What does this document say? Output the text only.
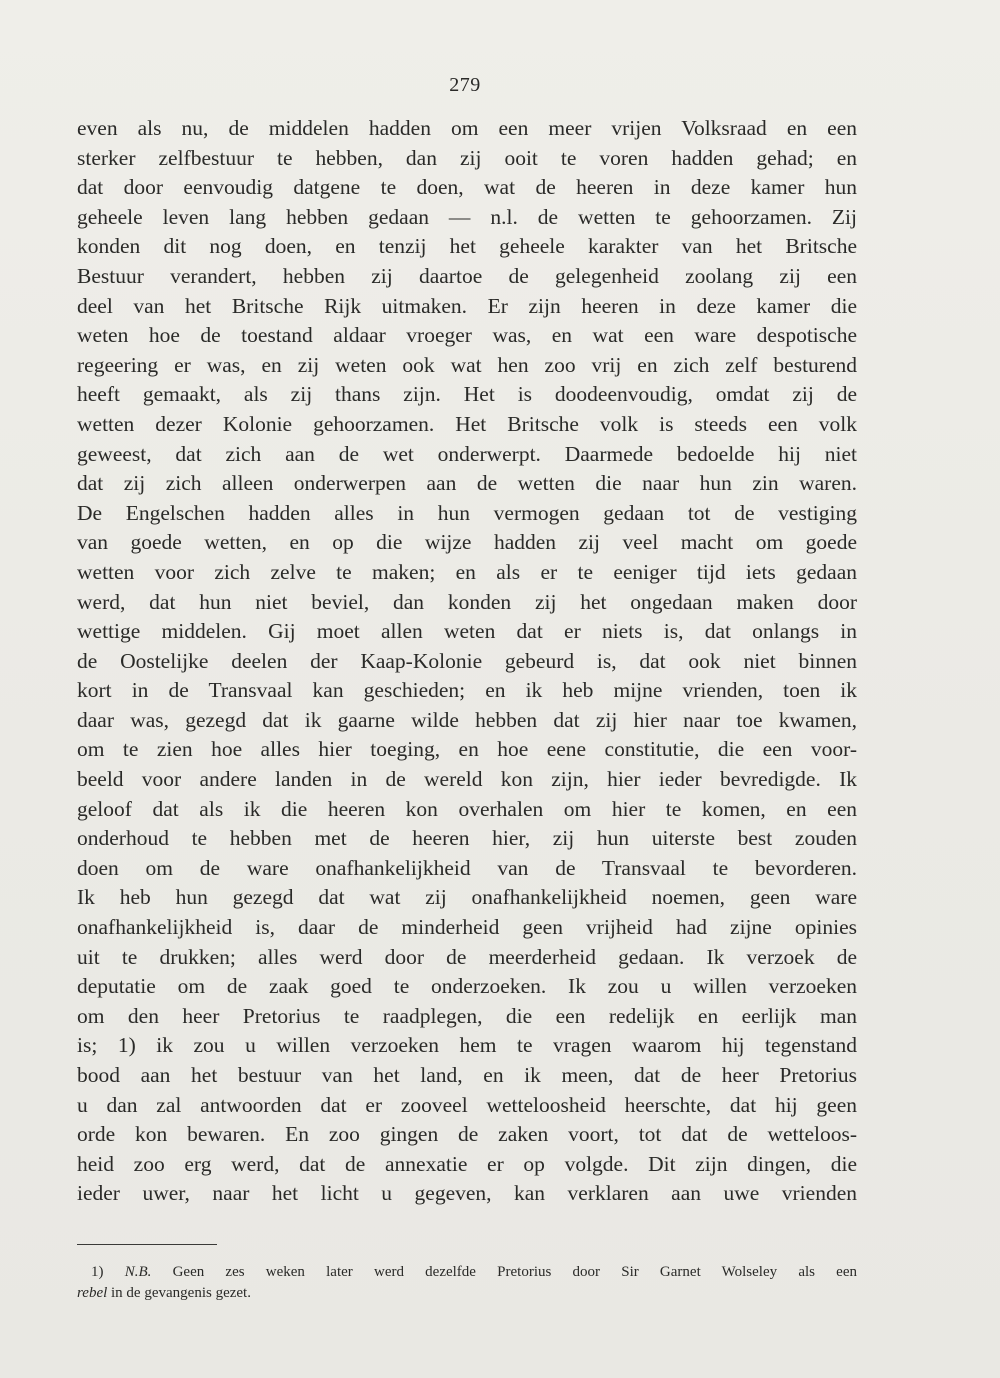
279
even als nu, de middelen hadden om een meer vrijen Volksraad en een
sterker zelfbestuur te hebben, dan zij ooit te voren hadden gehad; en
dat door eenvoudig datgene te doen, wat de heeren in deze kamer hun
geheele leven lang hebben gedaan — n.l. de wetten te gehoorzamen. Zij
konden dit nog doen, en tenzij het geheele karakter van het Britsche
Bestuur verandert, hebben zij daartoe de gelegenheid zoolang zij een
deel van het Britsche Rijk uitmaken. Er zijn heeren in deze kamer die
weten hoe de toestand aldaar vroeger was, en wat een ware despotische
regeering er was, en zij weten ook wat hen zoo vrij en zich zelf besturend
heeft gemaakt, als zij thans zijn. Het is doodeenvoudig, omdat zij de
wetten dezer Kolonie gehoorzamen. Het Britsche volk is steeds een volk
geweest, dat zich aan de wet onderwerpt. Daarmede bedoelde hij niet
dat zij zich alleen onderwerpen aan de wetten die naar hun zin waren.
De Engelschen hadden alles in hun vermogen gedaan tot de vestiging
van goede wetten, en op die wijze hadden zij veel macht om goede
wetten voor zich zelve te maken; en als er te eeniger tijd iets gedaan
werd, dat hun niet beviel, dan konden zij het ongedaan maken door
wettige middelen. Gij moet allen weten dat er niets is, dat onlangs in
de Oostelijke deelen der Kaap-Kolonie gebeurd is, dat ook niet binnen
kort in de Transvaal kan geschieden; en ik heb mijne vrienden, toen ik
daar was, gezegd dat ik gaarne wilde hebben dat zij hier naar toe kwamen,
om te zien hoe alles hier toeging, en hoe eene constitutie, die een voor-
beeld voor andere landen in de wereld kon zijn, hier ieder bevredigde. Ik
geloof dat als ik die heeren kon overhalen om hier te komen, en een
onderhoud te hebben met de heeren hier, zij hun uiterste best zouden
doen om de ware onafhankelijkheid van de Transvaal te bevorderen.
Ik heb hun gezegd dat wat zij onafhankelijkheid noemen, geen ware
onafhankelijkheid is, daar de minderheid geen vrijheid had zijne opinies
uit te drukken; alles werd door de meerderheid gedaan. Ik verzoek de
deputatie om de zaak goed te onderzoeken. Ik zou u willen verzoeken
om den heer Pretorius te raadplegen, die een redelijk en eerlijk man
is; 1) ik zou u willen verzoeken hem te vragen waarom hij tegenstand
bood aan het bestuur van het land, en ik meen, dat de heer Pretorius
u dan zal antwoorden dat er zooveel wetteloosheid heerschte, dat hij geen
orde kon bewaren. En zoo gingen de zaken voort, tot dat de wetteloos-
heid zoo erg werd, dat de annexatie er op volgde. Dit zijn dingen, die
ieder uwer, naar het licht u gegeven, kan verklaren aan uwe vrienden
1) N.B. Geen zes weken later werd dezelfde Pretorius door Sir Garnet Wolseley als een
rebel in de gevangenis gezet.
